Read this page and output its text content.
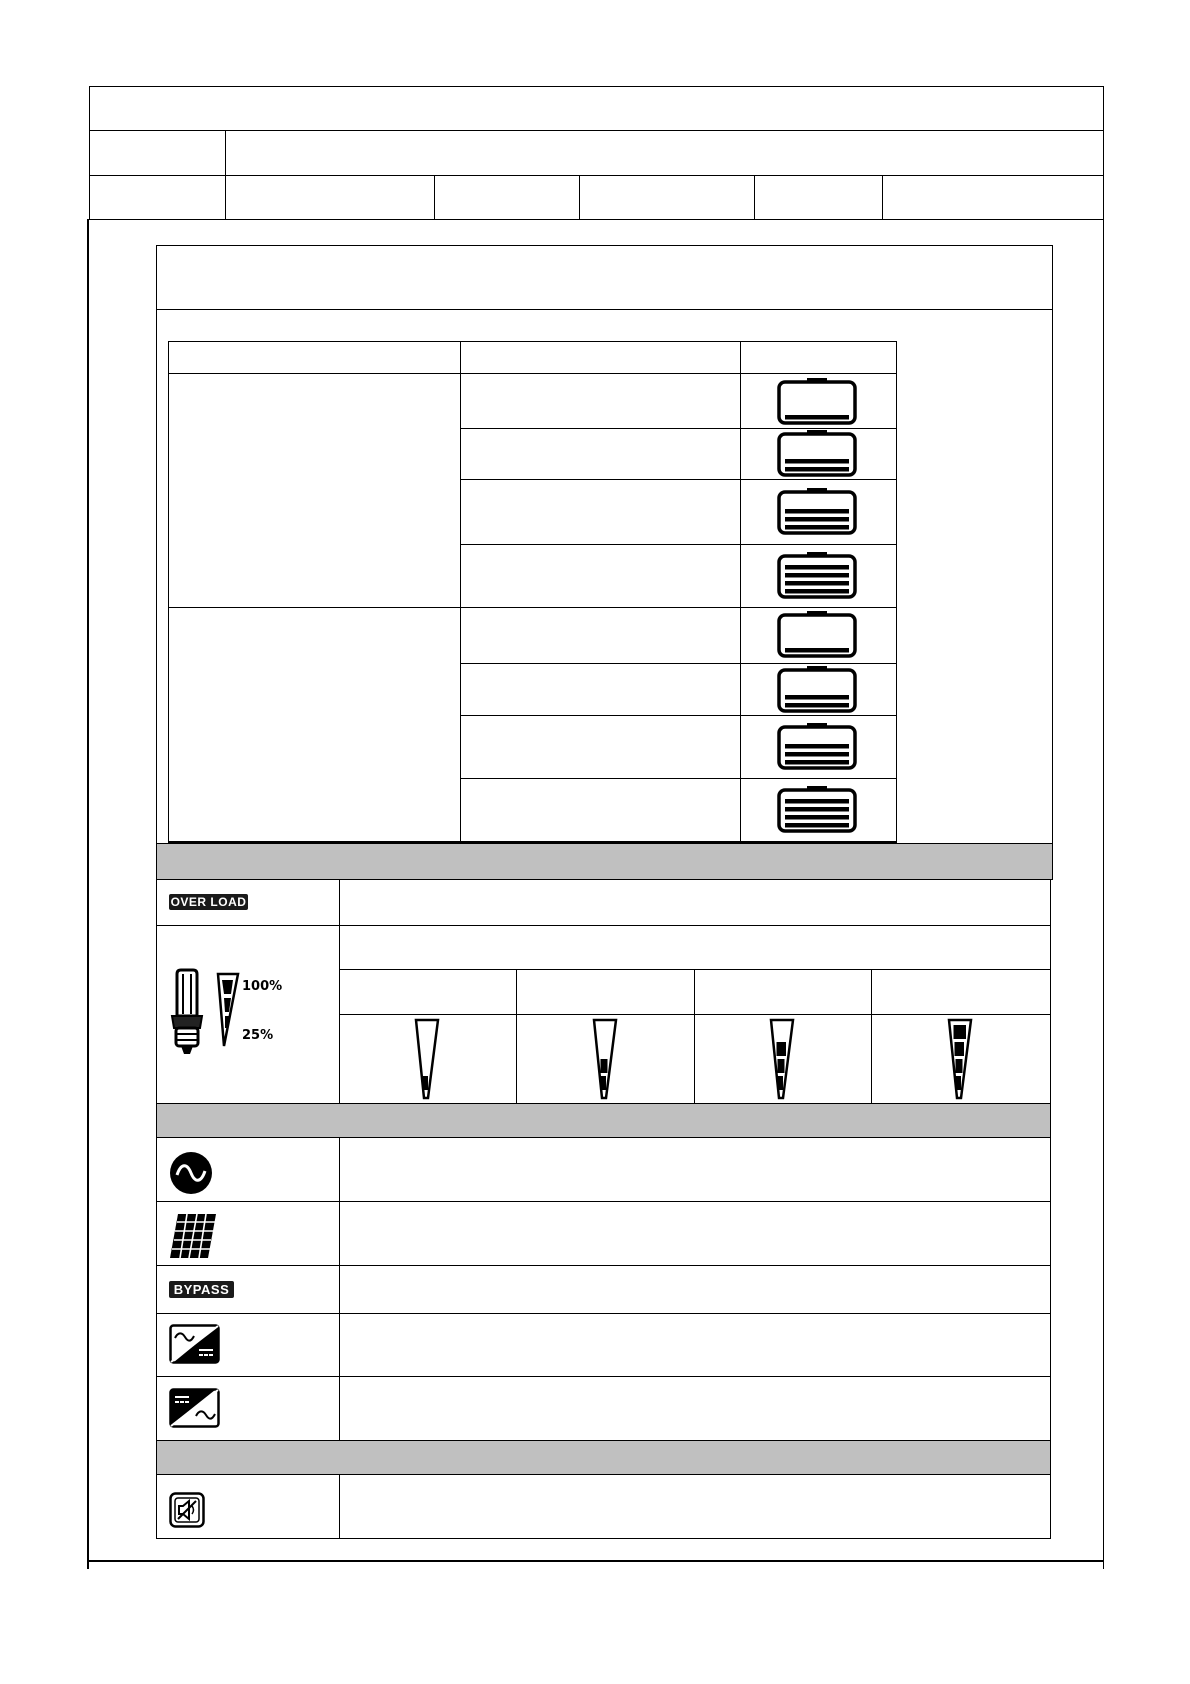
OVER LOAD
100%
25%
BYPASS
